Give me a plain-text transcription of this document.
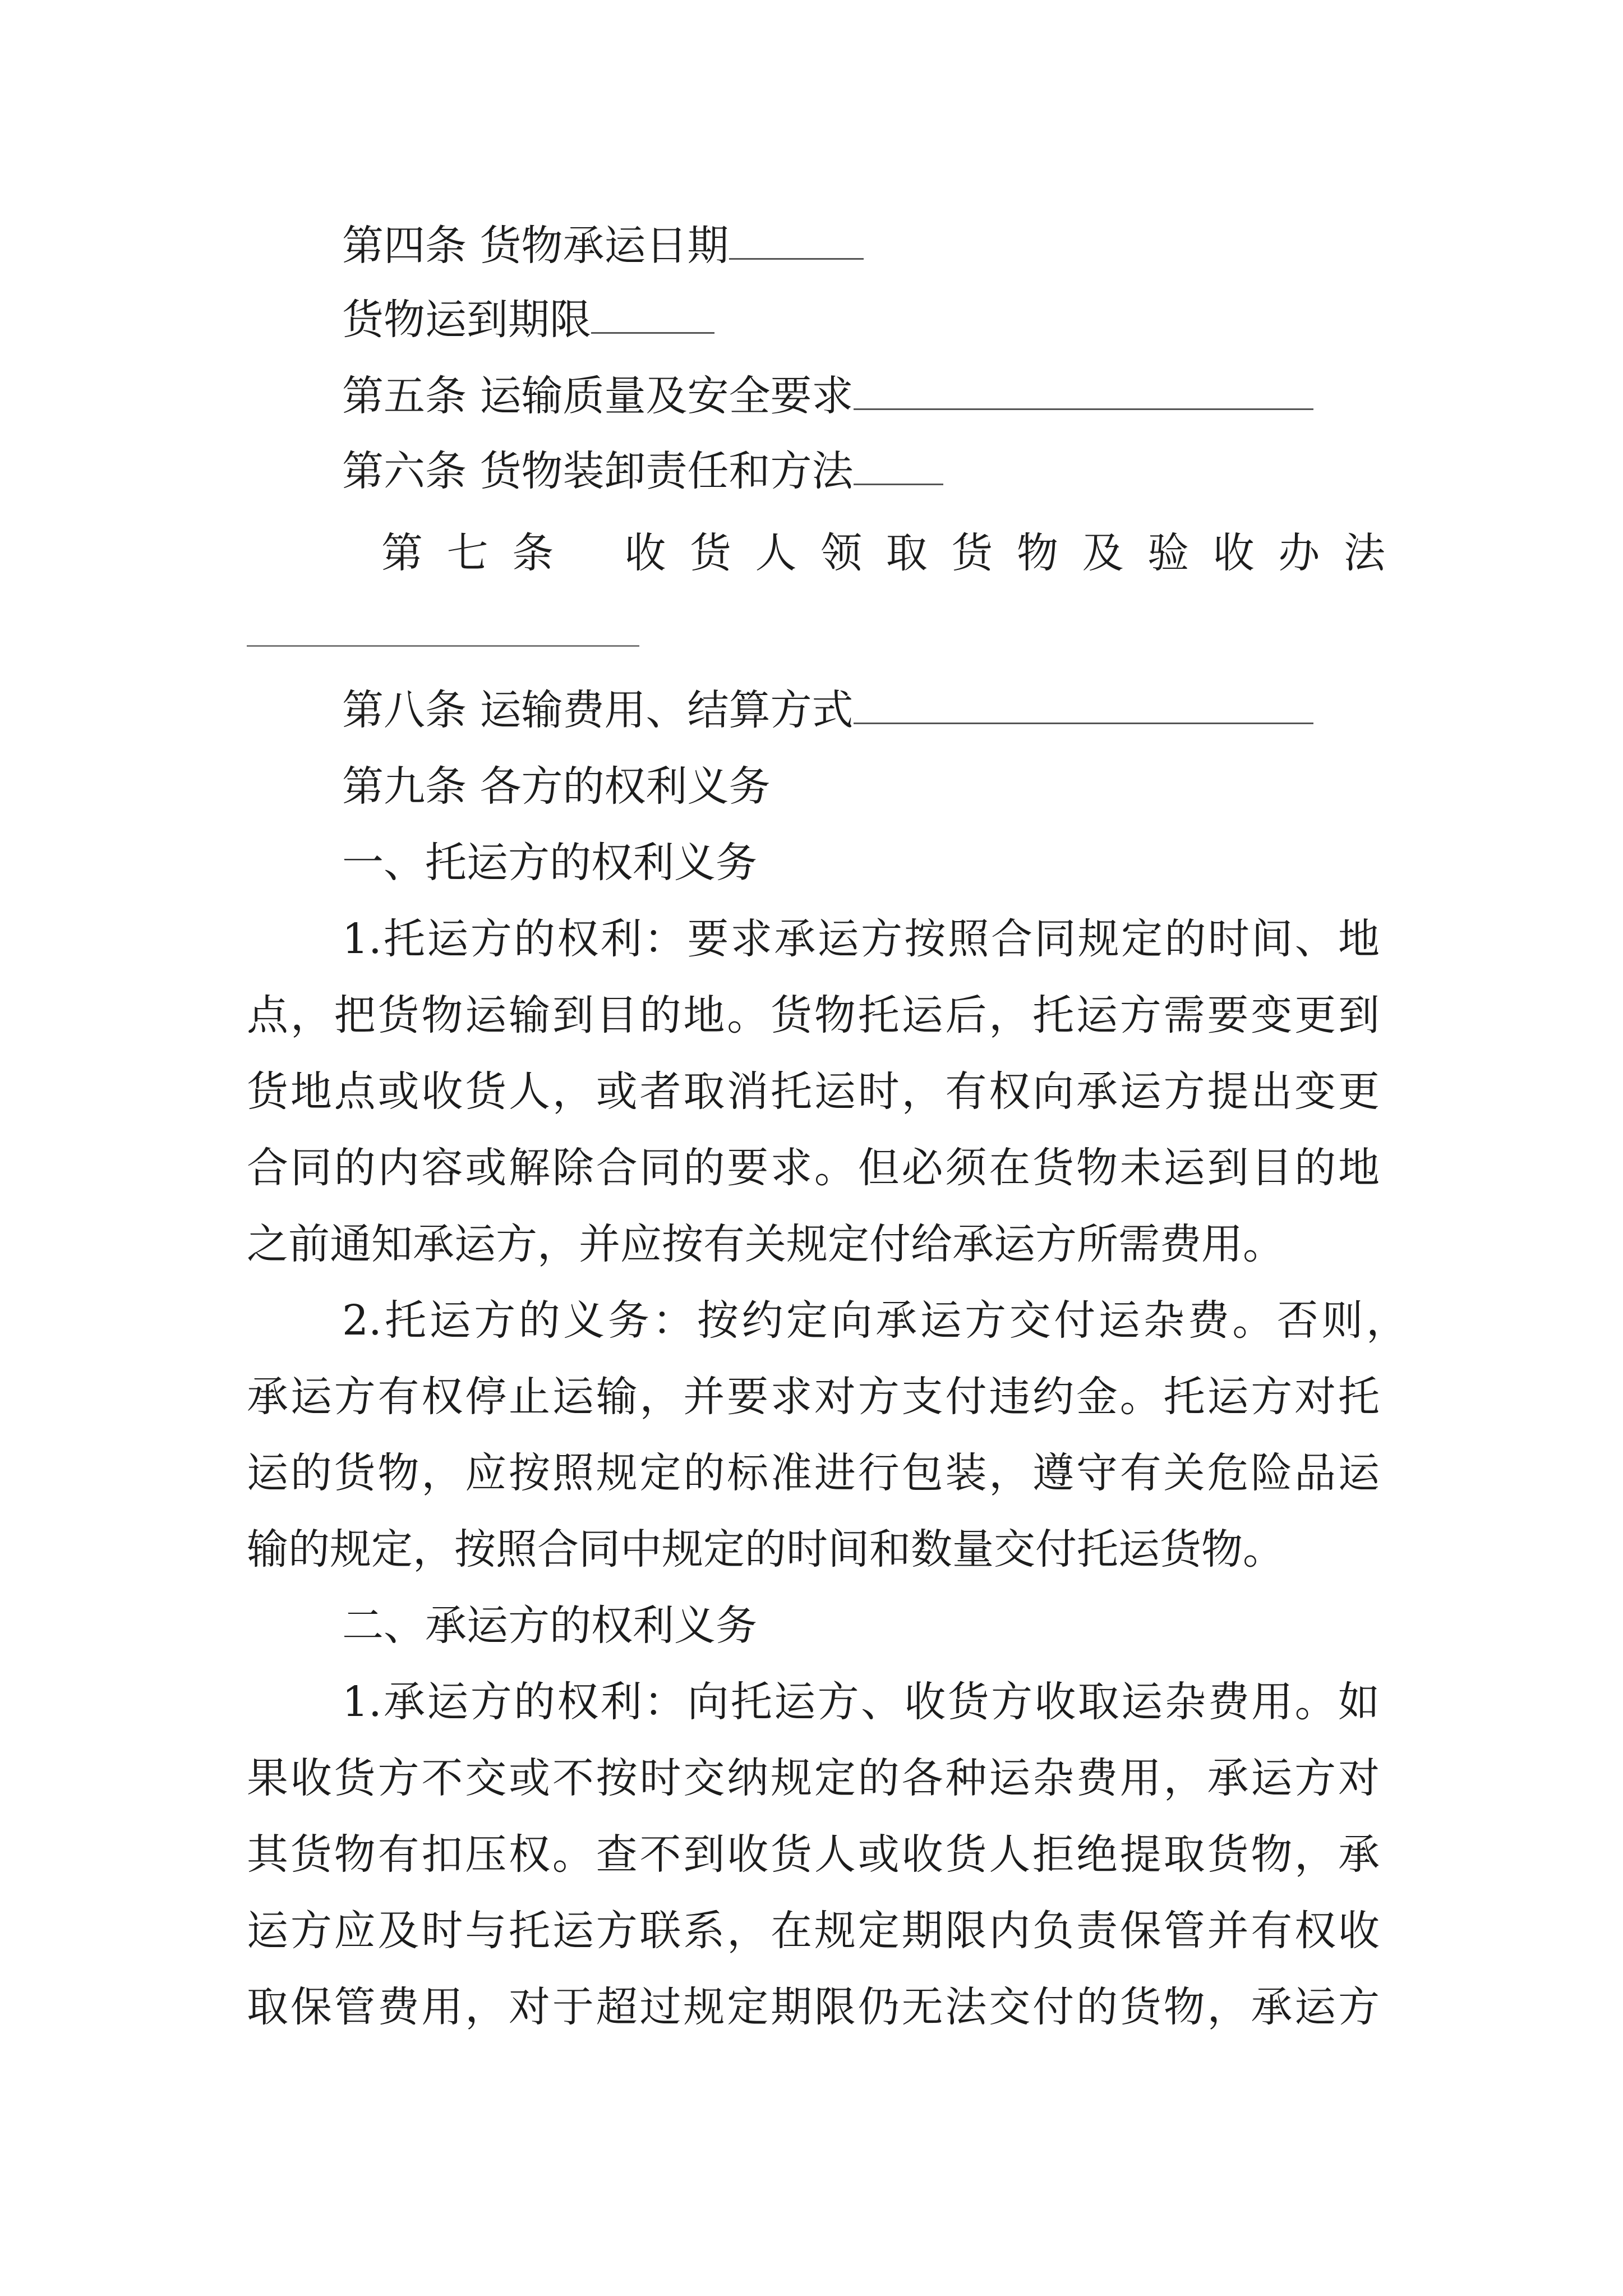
第四条 货物承运日期
货物运到期限
第五条 运输质量及安全要求
第六条 货物装卸责任和方法
第 七 条　 收 货 人 领 取 货 物 及 验 收 办 法
第八条 运输费用、结算方式
第九条 各方的权利义务
一、托运方的权利义务
1.托运方的权利：要求承运方按照合同规定的时间、地
点，把货物运输到目的地。货物托运后，托运方需要变更到
货地点或收货人，或者取消托运时，有权向承运方提出变更
合同的内容或解除合同的要求。但必须在货物未运到目的地
之前通知承运方，并应按有关规定付给承运方所需费用。
2.托运方的义务：按约定向承运方交付运杂费。否则，
承运方有权停止运输，并要求对方支付违约金。托运方对托
运的货物，应按照规定的标准进行包装，遵守有关危险品运
输的规定，按照合同中规定的时间和数量交付托运货物。
二、承运方的权利义务
1.承运方的权利：向托运方、收货方收取运杂费用。如
果收货方不交或不按时交纳规定的各种运杂费用，承运方对
其货物有扣压权。查不到收货人或收货人拒绝提取货物，承
运方应及时与托运方联系，在规定期限内负责保管并有权收
取保管费用，对于超过规定期限仍无法交付的货物，承运方
